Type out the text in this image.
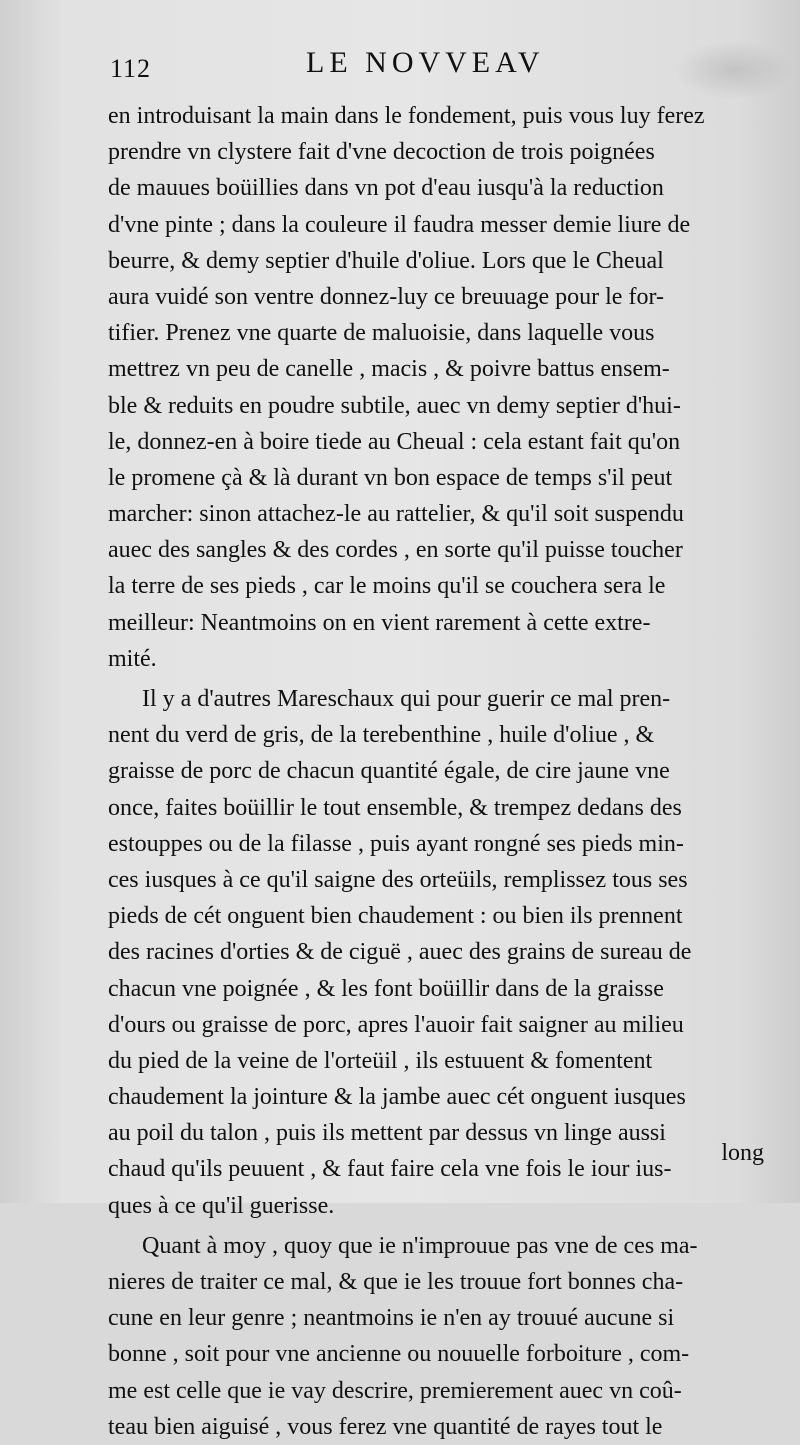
112	LE NOVVEAV
en introduisant la main dans le fondement, puis vous luy ferez
prendre vn clystere fait d'vne decoction de trois poignées
de mauues boüillies dans vn pot d'eau iusqu'à la reduction
d'vne pinte ; dans la couleure il faudra messer demie liure de
beurre, & demy septier d'huile d'oliue. Lors que le Cheual
aura vuidé son ventre donnez-luy ce breuuage pour le for-
tifier. Prenez vne quarte de maluoisie, dans laquelle vous
mettrez vn peu de canelle , macis , & poivre battus ensem-
ble & reduits en poudre subtile, auec vn demy septier d'hui-
le, donnez-en à boire tiede au Cheual : cela estant fait qu'on
le promene çà & là durant vn bon espace de temps s'il peut
marcher: sinon attachez-le au rattelier, & qu'il soit suspendu
auec des sangles & des cordes , en sorte qu'il puisse toucher
la terre de ses pieds , car le moins qu'il se couchera sera le
meilleur: Neantmoins on en vient rarement à cette extre-
mité.
Il y a d'autres Mareschaux qui pour guerir ce mal pren-
nent du verd de gris, de la terebenthine , huile d'oliue , &
graisse de porc de chacun quantité égale, de cire jaune vne
once, faites boüillir le tout ensemble, & trempez dedans des
estouppes ou de la filasse , puis ayant rongné ses pieds min-
ces iusques à ce qu'il saigne des orteüils, remplissez tous ses
pieds de cét onguent bien chaudement : ou bien ils prennent
des racines d'orties & de ciguë , auec des grains de sureau de
chacun vne poignée , & les font boüillir dans de la graisse
d'ours ou graisse de porc, apres l'auoir fait saigner au milieu
du pied de la veine de l'orteüil , ils estuuent & fomentent
chaudement la jointure & la jambe auec cét onguent iusques
au poil du talon , puis ils mettent par dessus vn linge aussi
chaud qu'ils peuuent , & faut faire cela vne fois le iour ius-
ques à ce qu'il guerisse.
Quant à moy , quoy que ie n'improuue pas vne de ces ma-
nieres de traiter ce mal, & que ie les trouue fort bonnes cha-
cune en leur genre ; neantmoins ie n'en ay trouué aucune si
bonne , soit pour vne ancienne ou nouuelle forboiture , com-
me est celle que ie vay descrire, premierement auec vn coû-
teau bien aiguisé , vous ferez vne quantité de rayes tout le
long
